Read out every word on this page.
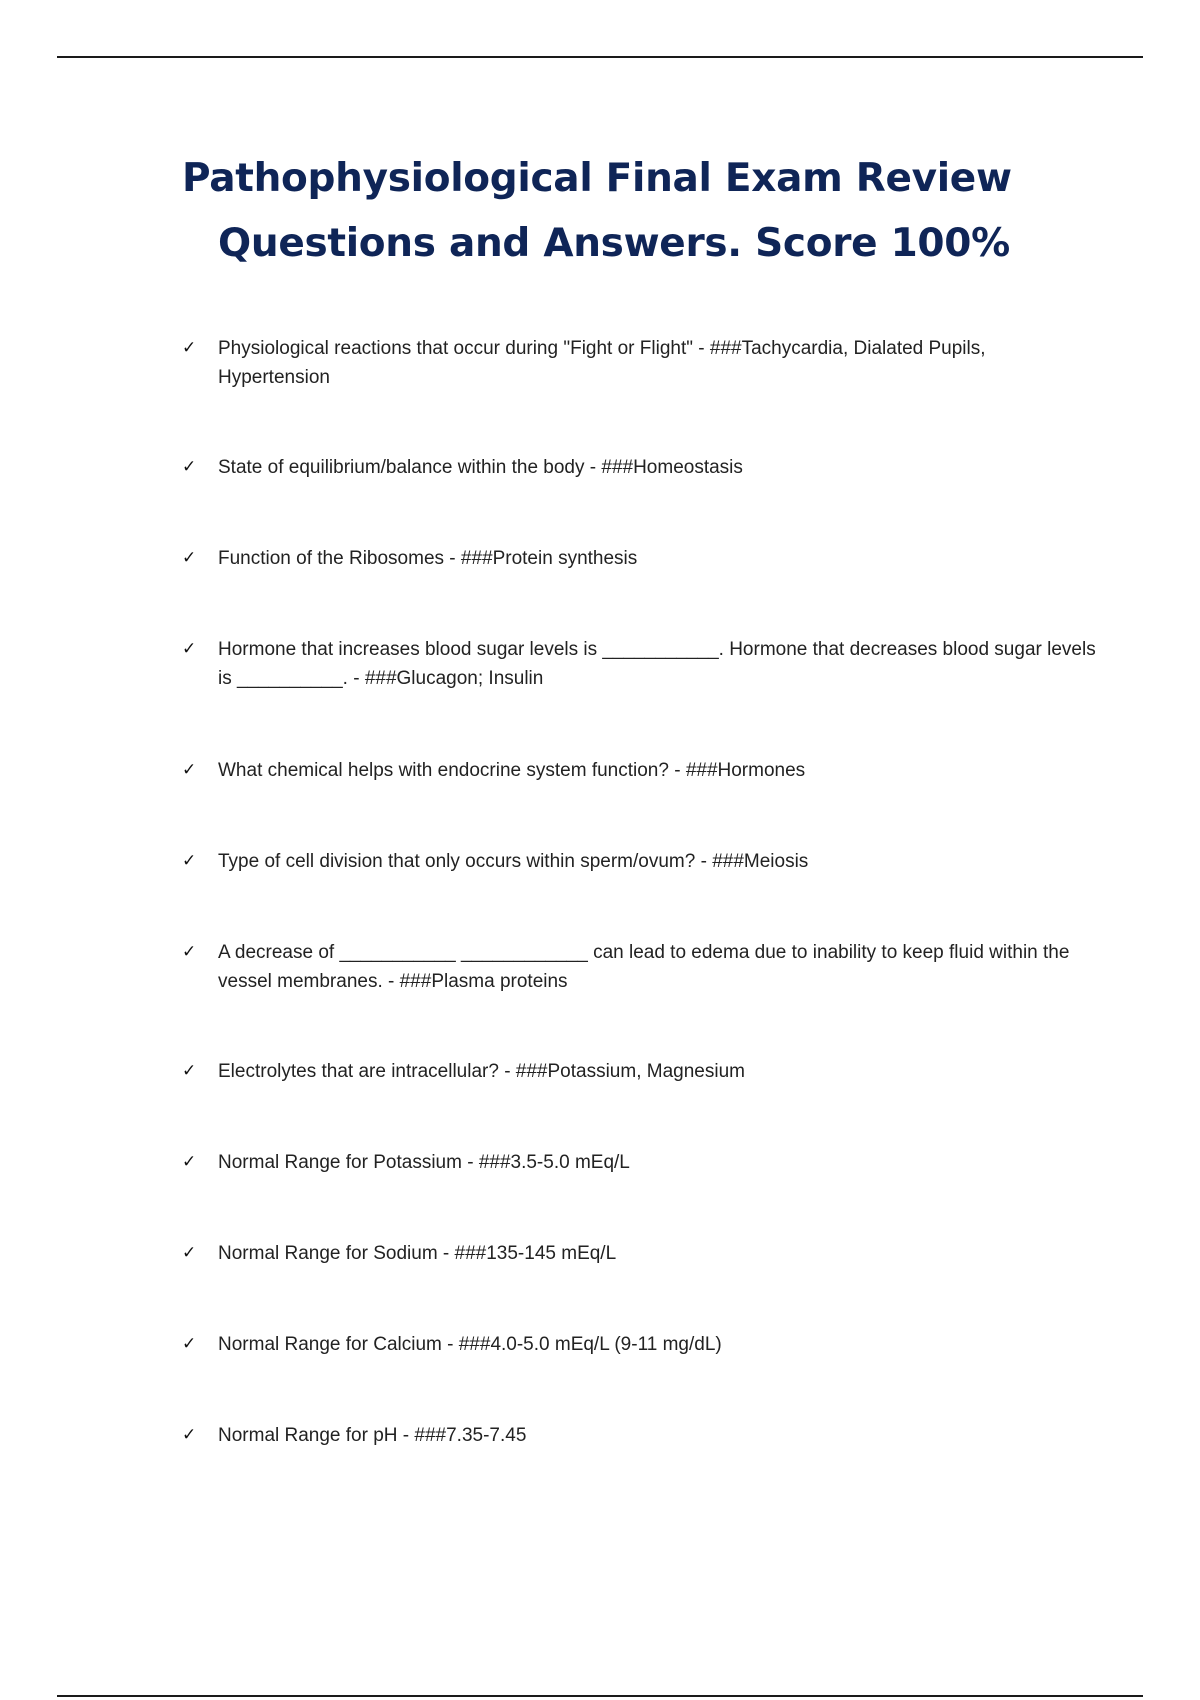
Pathophysiological Final Exam Review
Questions and Answers. Score 100%
✓	Physiological reactions that occur during "Fight or Flight" - ###Tachycardia, Dialated Pupils, Hypertension
✓	State of equilibrium/balance within the body - ###Homeostasis
✓	Function of the Ribosomes - ###Protein synthesis
✓	Hormone that increases blood sugar levels is ___________. Hormone that decreases blood sugar levels is __________. - ###Glucagon; Insulin
✓	What chemical helps with endocrine system function? - ###Hormones
✓	Type of cell division that only occurs within sperm/ovum? - ###Meiosis
✓	A decrease of ___________ ____________ can lead to edema due to inability to keep fluid within the vessel membranes. - ###Plasma proteins
✓	Electrolytes that are intracellular? - ###Potassium, Magnesium
✓	Normal Range for Potassium - ###3.5-5.0 mEq/L
✓	Normal Range for Sodium - ###135-145 mEq/L
✓	Normal Range for Calcium - ###4.0-5.0 mEq/L (9-11 mg/dL)
✓	Normal Range for pH - ###7.35-7.45
